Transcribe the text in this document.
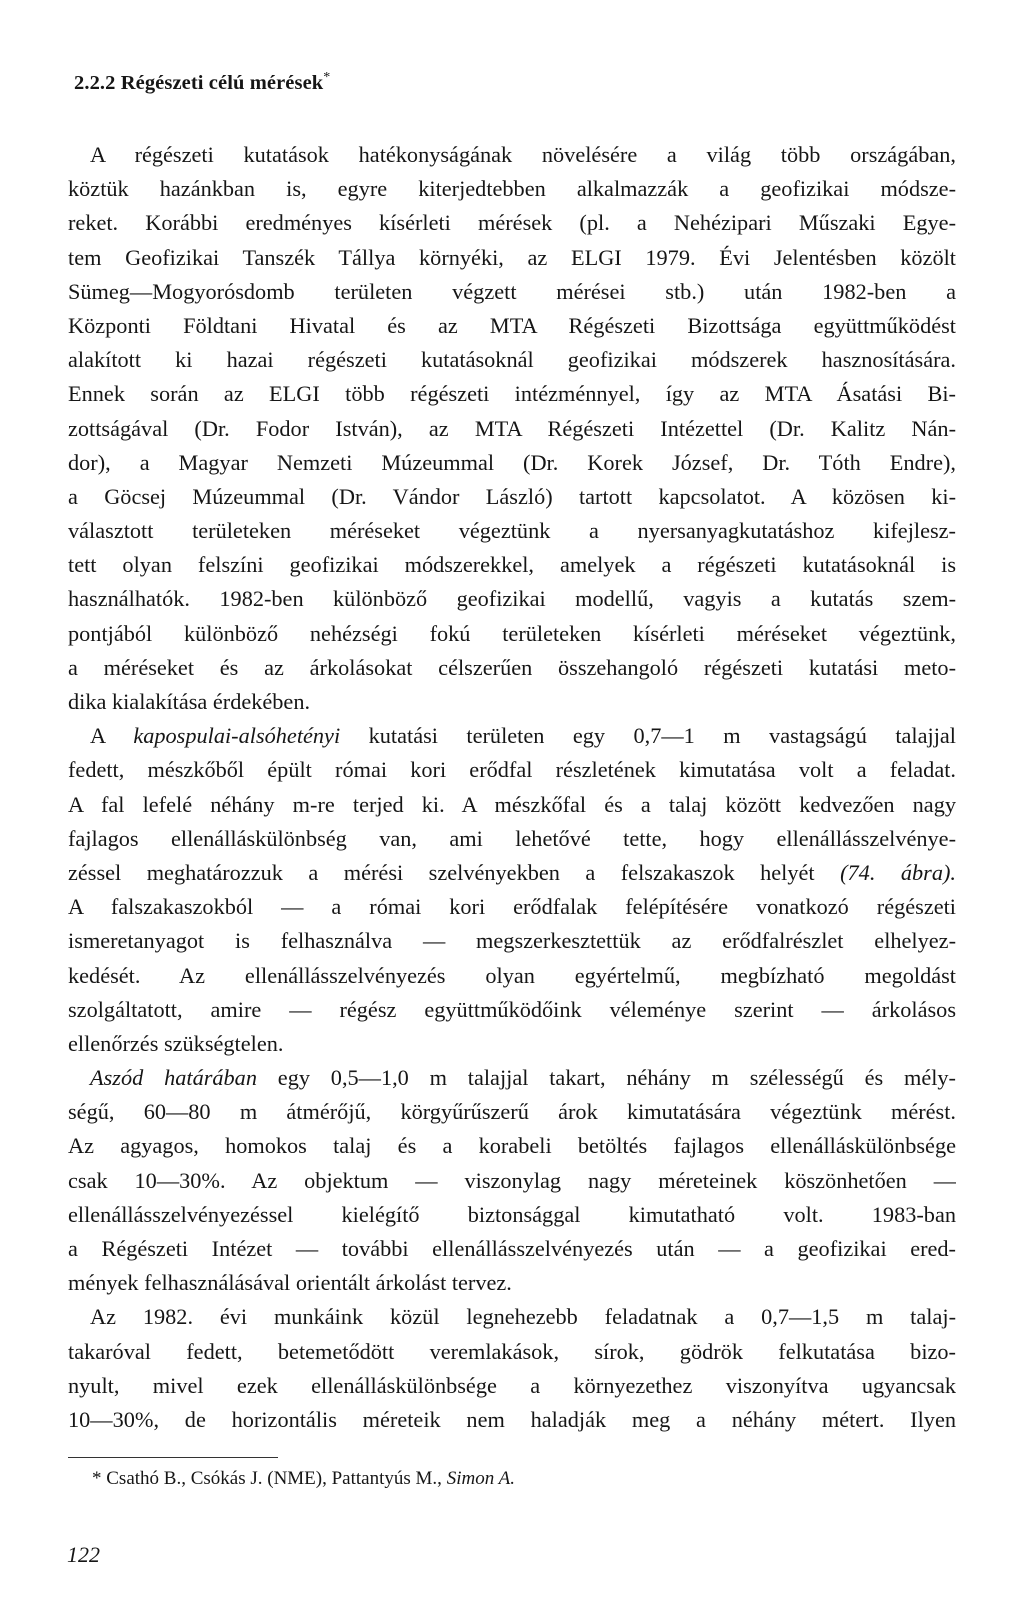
2.2.2 Régészeti célú mérések*
A régészeti kutatások hatékonyságának növelésére a világ több országában,
köztük hazánkban is, egyre kiterjedtebben alkalmazzák a geofizikai módsze-
reket. Korábbi eredményes kísérleti mérések (pl. a Nehézipari Műszaki Egye-
tem Geofizikai Tanszék Tállya környéki, az ELGI 1979. Évi Jelentésben közölt
Sümeg—Mogyorósdomb területen végzett mérései stb.) után 1982-ben a
Központi Földtani Hivatal és az MTA Régészeti Bizottsága együttműködést
alakított ki hazai régészeti kutatásoknál geofizikai módszerek hasznosítására.
Ennek során az ELGI több régészeti intézménnyel, így az MTA Ásatási Bi-
zottságával (Dr. Fodor István), az MTA Régészeti Intézettel (Dr. Kalitz Nán-
dor), a Magyar Nemzeti Múzeummal (Dr. Korek József, Dr. Tóth Endre),
a Göcsej Múzeummal (Dr. Vándor László) tartott kapcsolatot. A közösen ki-
választott területeken méréseket végeztünk a nyersanyagkutatáshoz kifejlesz-
tett olyan felszíni geofizikai módszerekkel, amelyek a régészeti kutatásoknál is
használhatók. 1982-ben különböző geofizikai modellű, vagyis a kutatás szem-
pontjából különböző nehézségi fokú területeken kísérleti méréseket végeztünk,
a méréseket és az árkolásokat célszerűen összehangoló régészeti kutatási meto-
dika kialakítása érdekében.
A kapospulai-alsóhetényi kutatási területen egy 0,7—1 m vastagságú talajjal
fedett, mészkőből épült római kori erődfal részletének kimutatása volt a feladat.
A fal lefelé néhány m-re terjed ki. A mészkőfal és a talaj között kedvezően nagy
fajlagos ellenálláskülönbség van, ami lehetővé tette, hogy ellenállásszelvénye-
zéssel meghatározzuk a mérési szelvényekben a felszakaszok helyét (74. ábra).
A falszakaszokból — a római kori erődfalak felépítésére vonatkozó régészeti
ismeretanyagot is felhasználva — megszerkesztettük az erődfalrészlet elhelyez-
kedését. Az ellenállásszelvényezés olyan egyértelmű, megbízható megoldást
szolgáltatott, amire — régész együttműködőink véleménye szerint — árkolásos
ellenőrzés szükségtelen.
Aszód határában egy 0,5—1,0 m talajjal takart, néhány m szélességű és mély-
ségű, 60—80 m átmérőjű, körgyűrűszerű árok kimutatására végeztünk mérést.
Az agyagos, homokos talaj és a korabeli betöltés fajlagos ellenálláskülönbsége
csak 10—30%. Az objektum — viszonylag nagy méreteinek köszönhetően —
ellenállásszelvényezéssel kielégítő biztonsággal kimutatható volt. 1983-ban
a Régészeti Intézet — további ellenállásszelvényezés után — a geofizikai ered-
mények felhasználásával orientált árkolást tervez.
Az 1982. évi munkáink közül legnehezebb feladatnak a 0,7—1,5 m talaj-
takaróval fedett, betemetődött veremlakások, sírok, gödrök felkutatása bizo-
nyult, mivel ezek ellenálláskülönbsége a környezethez viszonyítva ugyancsak
10—30%, de horizontális méreteik nem haladják meg a néhány métert. Ilyen

* Csathó B., Csókás J. (NME), Pattantyús M., Simon A.

122
